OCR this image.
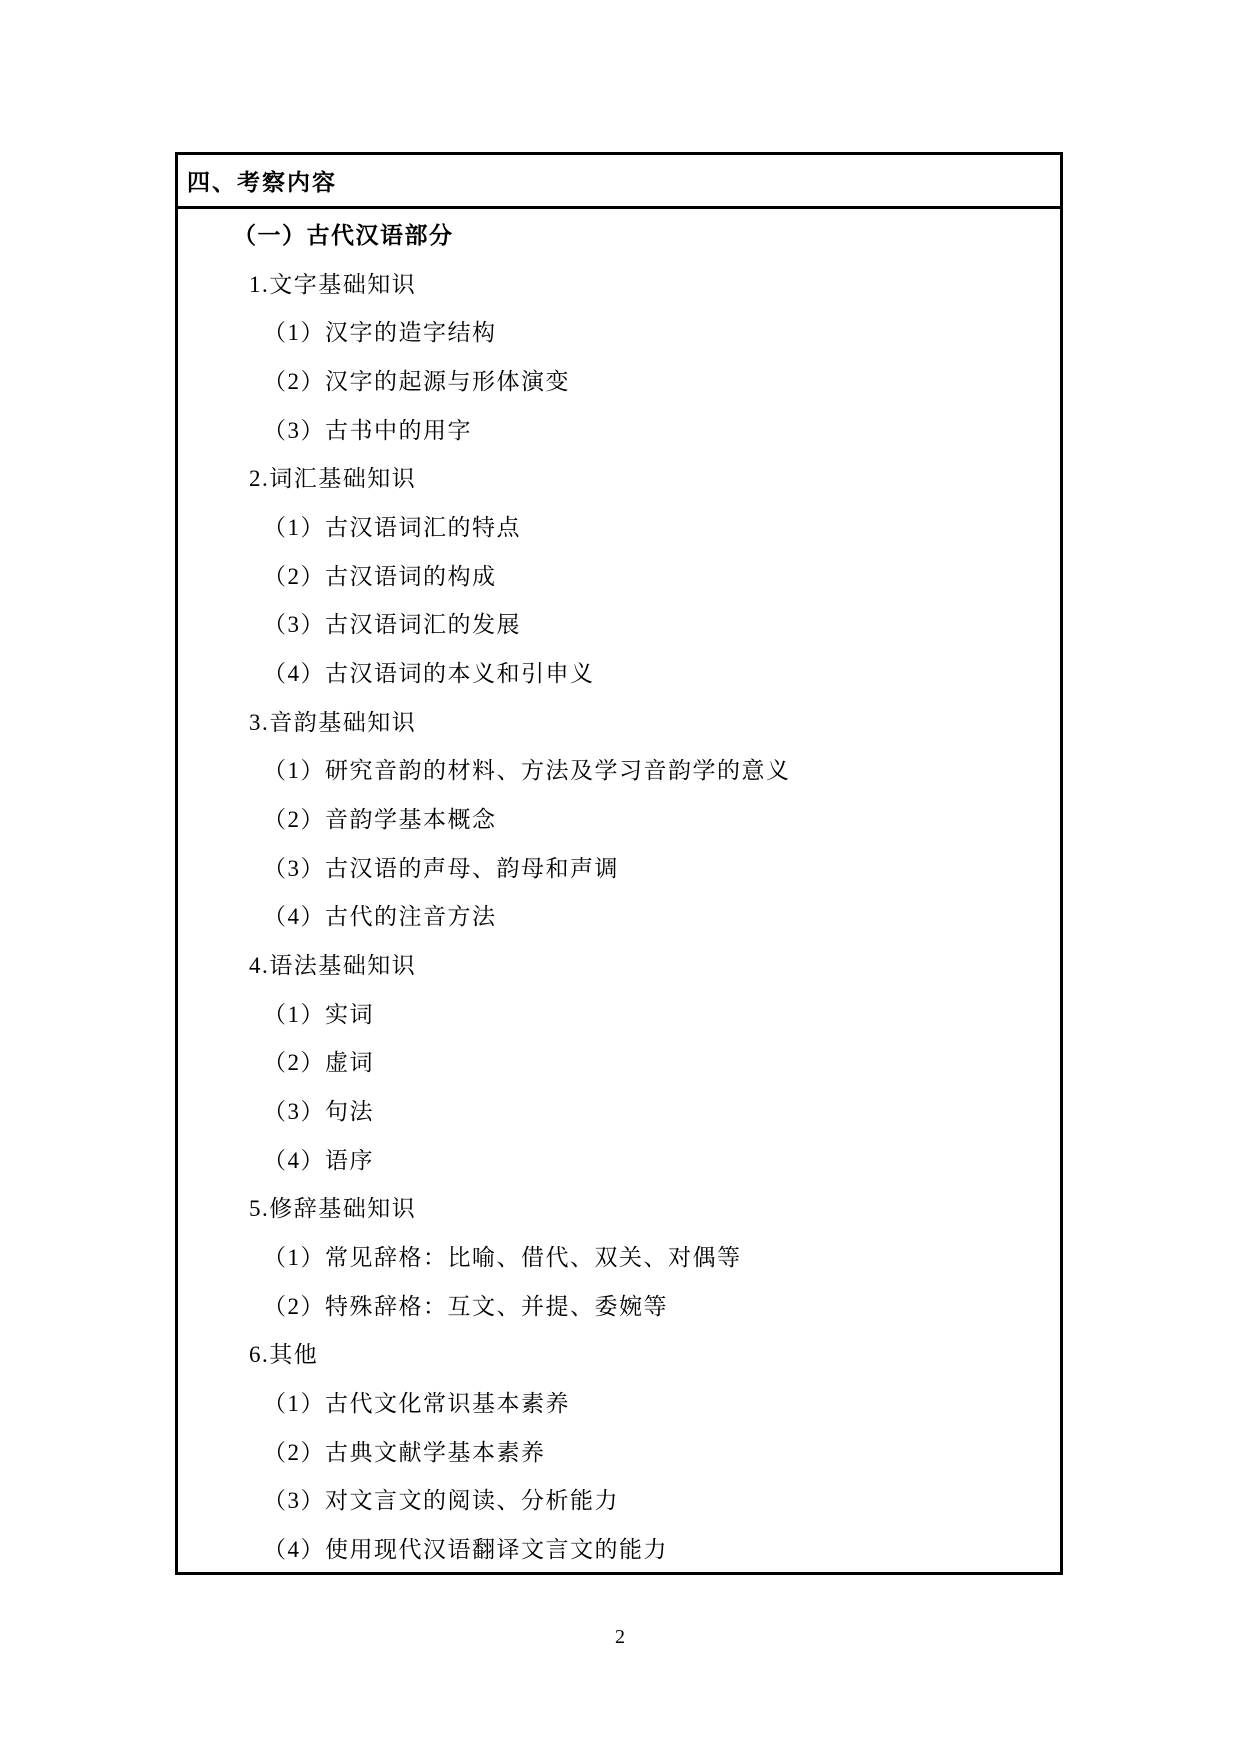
四、考察内容
（一）古代汉语部分
1.文字基础知识
（1）汉字的造字结构
（2）汉字的起源与形体演变
（3）古书中的用字
2.词汇基础知识
（1）古汉语词汇的特点
（2）古汉语词的构成
（3）古汉语词汇的发展
（4）古汉语词的本义和引申义
3.音韵基础知识
（1）研究音韵的材料、方法及学习音韵学的意义
（2）音韵学基本概念
（3）古汉语的声母、韵母和声调
（4）古代的注音方法
4.语法基础知识
（1）实词
（2）虚词
（3）句法
（4）语序
5.修辞基础知识
（1）常见辞格：比喻、借代、双关、对偶等
（2）特殊辞格：互文、并提、委婉等
6.其他
（1）古代文化常识基本素养
（2）古典文献学基本素养
（3）对文言文的阅读、分析能力
（4）使用现代汉语翻译文言文的能力
2
